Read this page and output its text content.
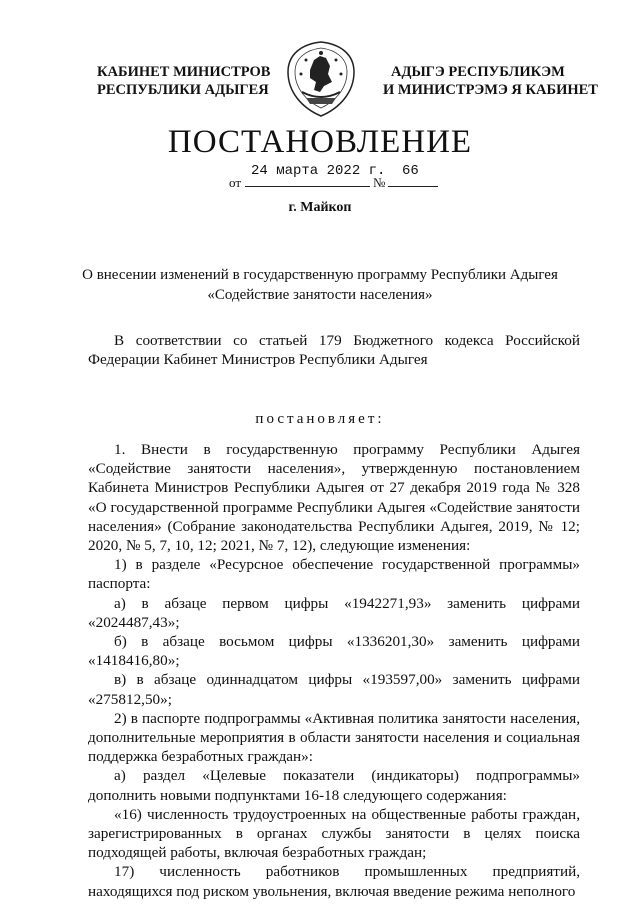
КАБИНЕТ МИНИСТРОВ
РЕСПУБЛИКИ АДЫГЕЯ
АДЫГЭ РЕСПУБЛИКЭМ
И МИНИСТРЭМЭ Я КАБИНЕТ
ПОСТАНОВЛЕНИЕ
от
24 марта 2022 г.
№
66
г. Майкоп
О внесении изменений в государственную программу Республики Адыгея
«Содействие занятости населения»

В соответствии со статьей 179 Бюджетного кодекса Российской

Федерации Кабинет Министров Республики Адыгея

постановляет:

1. Внести в государственную программу Республики Адыгея «Содействие занятости населения», утвержденную постановлением Кабинета Министров Республики Адыгея от 27 декабря 2019 года № 328 «О государственной программе Республики Адыгея «Содействие занятости населения» (Собрание законодательства Республики Адыгея, 2019, № 12; 2020, № 5, 7, 10, 12; 2021, № 7, 12), следующие изменения:

1) в разделе «Ресурсное обеспечение государственной программы» паспорта:

а) в абзаце первом цифры «1942271,93» заменить цифрами «2024487,43»;

б) в абзаце восьмом цифры «1336201,30» заменить цифрами «1418416,80»;

в) в абзаце одиннадцатом цифры «193597,00» заменить цифрами «275812,50»;

2) в паспорте подпрограммы «Активная политика занятости населения, дополнительные мероприятия в области занятости населения и социальная поддержка безработных граждан»:

а) раздел «Целевые показатели (индикаторы) подпрограммы» дополнить новыми подпунктами 16-18 следующего содержания:

«16) численность трудоустроенных на общественные работы граждан, зарегистрированных в органах службы занятости в целях поиска подходящей работы, включая безработных граждан;

17) численность работников промышленных предприятий, находящихся под риском увольнения, включая введение режима неполного
